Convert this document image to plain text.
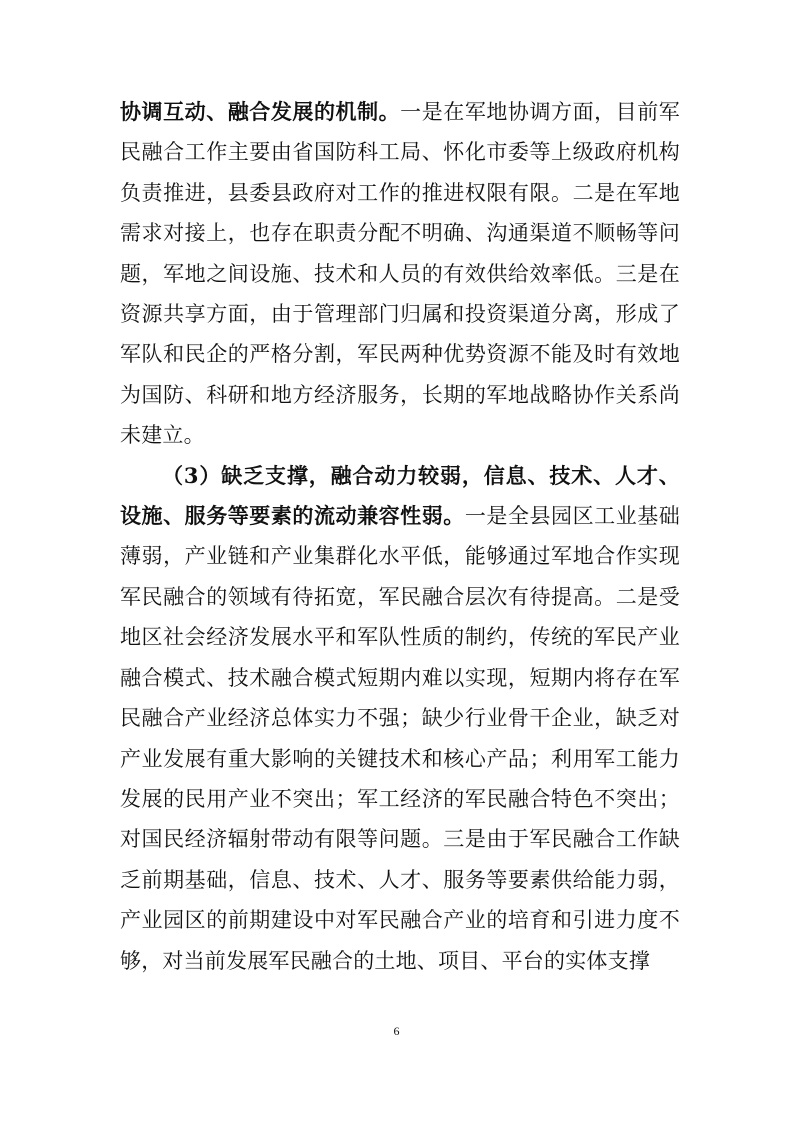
协调互动、融合发展的机制。一是在军地协调方面，目前军民融合工作主要由省国防科工局、怀化市委等上级政府机构负责推进，县委县政府对工作的推进权限有限。二是在军地需求对接上，也存在职责分配不明确、沟通渠道不顺畅等问题，军地之间设施、技术和人员的有效供给效率低。三是在资源共享方面，由于管理部门归属和投资渠道分离，形成了军队和民企的严格分割，军民两种优势资源不能及时有效地为国防、科研和地方经济服务，长期的军地战略协作关系尚未建立。

（3）缺乏支撑，融合动力较弱，信息、技术、人才、设施、服务等要素的流动兼容性弱。一是全县园区工业基础薄弱，产业链和产业集群化水平低，能够通过军地合作实现军民融合的领域有待拓宽，军民融合层次有待提高。二是受地区社会经济发展水平和军队性质的制约，传统的军民产业融合模式、技术融合模式短期内难以实现，短期内将存在军民融合产业经济总体实力不强；缺少行业骨干企业，缺乏对产业发展有重大影响的关键技术和核心产品；利用军工能力发展的民用产业不突出；军工经济的军民融合特色不突出；对国民经济辐射带动有限等问题。三是由于军民融合工作缺乏前期基础，信息、技术、人才、服务等要素供给能力弱，产业园区的前期建设中对军民融合产业的培育和引进力度不够，对当前发展军民融合的土地、项目、平台的实体支撑

6
